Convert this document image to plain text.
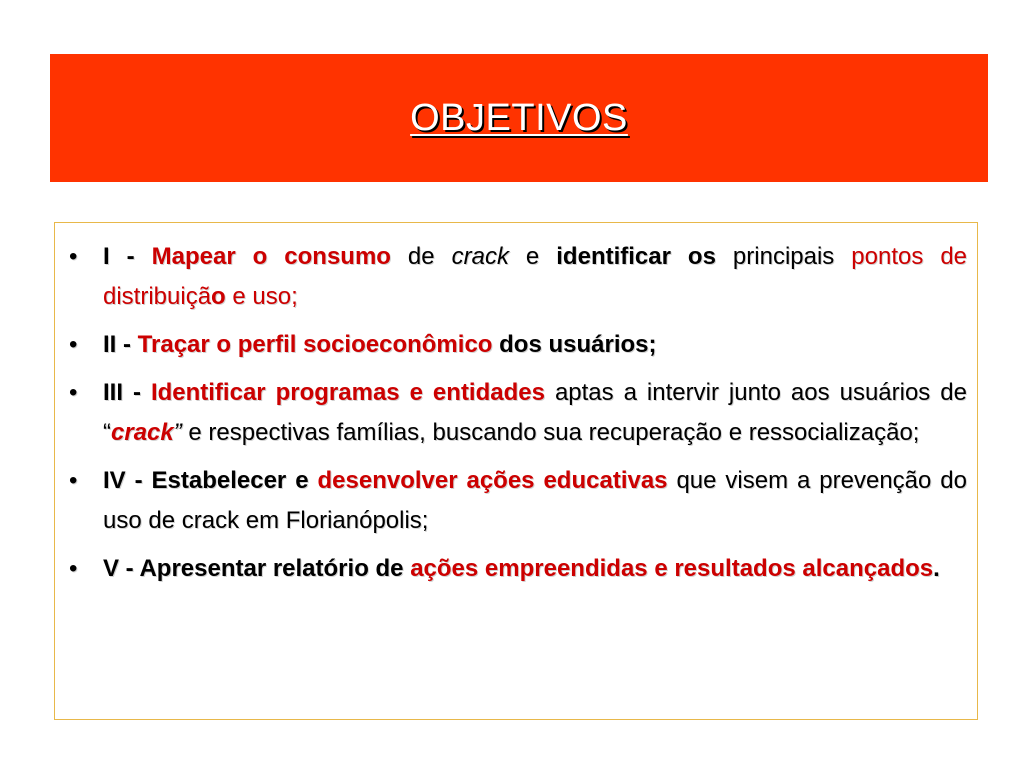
OBJETIVOS
• I - Mapear o consumo de crack e identificar os principais pontos de distribuição e uso;
• II - Traçar o perfil socioeconômico dos usuários;
• III - Identificar programas e entidades aptas a intervir junto aos usuários de “crack” e respectivas famílias, buscando sua recuperação e ressocialização;
• IV - Estabelecer e desenvolver ações educativas que visem a prevenção do uso de crack em Florianópolis;
• V - Apresentar relatório de ações empreendidas e resultados alcançados.
